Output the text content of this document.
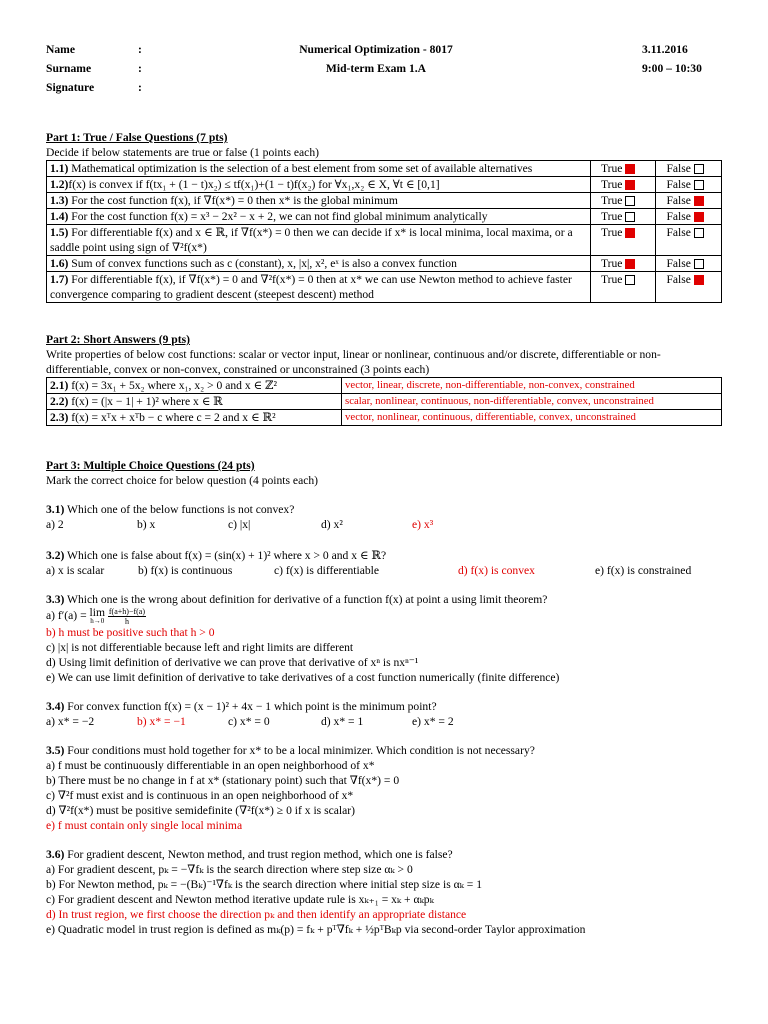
Name	:	Numerical Optimization - 8017	3.11.2016
Surname	:	Mid-term Exam 1.A	9:00 – 10:30
Signature	:
Part 1: True / False Questions (7 pts)
Decide if below statements are true or false (1 points each)
1.1) Mathematical optimization is the selection of a best element from some set of available alternatives	True	False
1.2)f(x) is convex if f(tx₁ + (1 − t)x₂) ≤ tf(x₁)+(1 − t)f(x₂) for ∀x₁,x₂ ∈ X, ∀t ∈ [0,1]	True	False
1.3) For the cost function f(x), if ∇f(x*) = 0 then x* is the global minimum	True	False
1.4) For the cost function f(x) = x³ − 2x² − x + 2, we can not find global minimum analytically	True	False
1.5) For differentiable f(x) and x ∈ ℝ, if ∇f(x*) = 0 then we can decide if x* is local minima, local maxima, or a saddle point using sign of ∇²f(x*)	True	False
1.6) Sum of convex functions such as c (constant), x, |x|, x², eˣ is also a convex function	True	False
1.7) For differentiable f(x), if ∇f(x*) = 0 and ∇²f(x*) = 0 then at x* we can use Newton method to achieve faster convergence comparing to gradient descent (steepest descent) method	True	False
Part 2: Short Answers (9 pts)
Write properties of below cost functions: scalar or vector input, linear or nonlinear, continuous and/or discrete, differentiable or non-differentiable, convex or non-convex, constrained or unconstrained (3 points each)
2.1) f(x) = 3x₁ + 5x₂ where x₁, x₂ > 0 and x ∈ ℤ²	vector, linear, discrete, non-differentiable, non-convex, constrained
2.2) f(x) = (|x − 1| + 1)² where x ∈ ℝ	scalar, nonlinear, continuous, non-differentiable, convex, unconstrained
2.3) f(x) = xᵀx + xᵀb − c where c = 2 and x ∈ ℝ²	vector, nonlinear, continuous, differentiable, convex, unconstrained
Part 3: Multiple Choice Questions (24 pts)
Mark the correct choice for below question (4 points each)
3.1) Which one of the below functions is not convex?
a) 2	b) x	c) |x|	d) x²	e) x³
3.2) Which one is false about f(x) = (sin(x) + 1)² where x > 0 and x ∈ ℝ?
a) x is scalar	b) f(x) is continuous	c) f(x) is differentiable	d) f(x) is convex	e) f(x) is constrained
3.3) Which one is the wrong about definition for derivative of a function f(x) at point a using limit theorem?
a) f′(a) = lim
h→0
$\frac{f(a+h)-f(a)}{h}$
b) h must be positive such that h > 0
c) |x| is not differentiable because left and right limits are different
d) Using limit definition of derivative we can prove that derivative of xⁿ is nxⁿ⁻¹
e) We can use limit definition of derivative to take derivatives of a cost function numerically (finite difference)
3.4) For convex function f(x) = (x − 1)² + 4x − 1 which point is the minimum point?
a) x* = −2	b) x* = −1	c) x* = 0	d) x* = 1	e) x* = 2
3.5) Four conditions must hold together for x* to be a local minimizer. Which condition is not necessary?
a) f must be continuously differentiable in an open neighborhood of x*
b) There must be no change in f at x* (stationary point) such that ∇f(x*) = 0
c) ∇²f must exist and is continuous in an open neighborhood of x*
d) ∇²f(x*) must be positive semidefinite (∇²f(x*) ≥ 0 if x is scalar)
e) f must contain only single local minima
3.6) For gradient descent, Newton method, and trust region method, which one is false?
a) For gradient descent, pₖ = −∇fₖ is the search direction where step size αₖ > 0
b) For Newton method, pₖ = −(Bₖ)⁻¹∇fₖ is the search direction where initial step size is αₖ = 1
c) For gradient descent and Newton method iterative update rule is xₖ₊₁ = xₖ + αₖpₖ
d) In trust region, we first choose the direction pₖ and then identify an appropriate distance
e) Quadratic model in trust region is defined as mₖ(p) = fₖ + pᵀ∇fₖ + ½pᵀBₖp via second-order Taylor approximation
